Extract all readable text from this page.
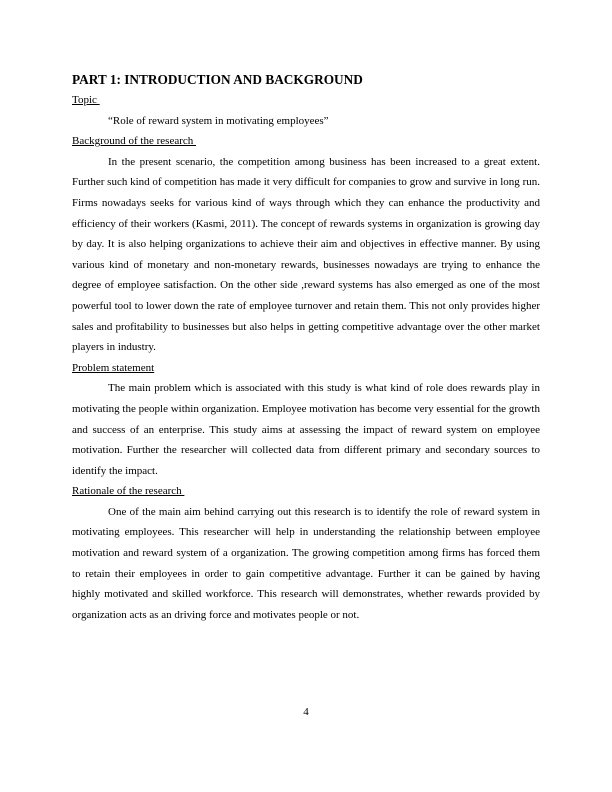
PART 1: INTRODUCTION AND BACKGROUND
Topic

“Role of reward system in motivating employees”

Background of the research

In the present scenario, the competition among business has been increased to a great extent. Further such kind of competition has made it very difficult for companies to grow and survive in long run. Firms nowadays seeks for various kind of ways through which they can enhance the productivity and efficiency of their workers (Kasmi, 2011). The concept of rewards systems in organization is growing day by day. It is also helping organizations to achieve their aim and objectives in effective manner. By using various kind of monetary and non-monetary rewards, businesses nowadays are trying to enhance the degree of employee satisfaction. On the other side ,reward systems has also emerged as one of the most powerful tool to lower down the rate of employee turnover and retain them. This not only provides higher sales and profitability to businesses but also helps in getting competitive advantage over the other market players in industry.

Problem statement

The main problem which is associated with this study is what kind of role does rewards play in motivating the people within organization. Employee motivation has become very essential for the growth and success of an enterprise. This study aims at assessing the impact of reward system on employee motivation. Further the researcher will collected data from different primary and secondary sources to identify the impact.

Rationale of the research

One of the main aim behind carrying out this research is to identify the role of reward system in motivating employees. This researcher will help in understanding the relationship between employee motivation and reward system of a organization. The growing competition among firms has forced them to retain their employees in order to gain competitive advantage. Further it can be gained by having highly motivated and skilled workforce. This research will demonstrates, whether rewards provided by organization acts as an driving force and motivates people or not.

4
